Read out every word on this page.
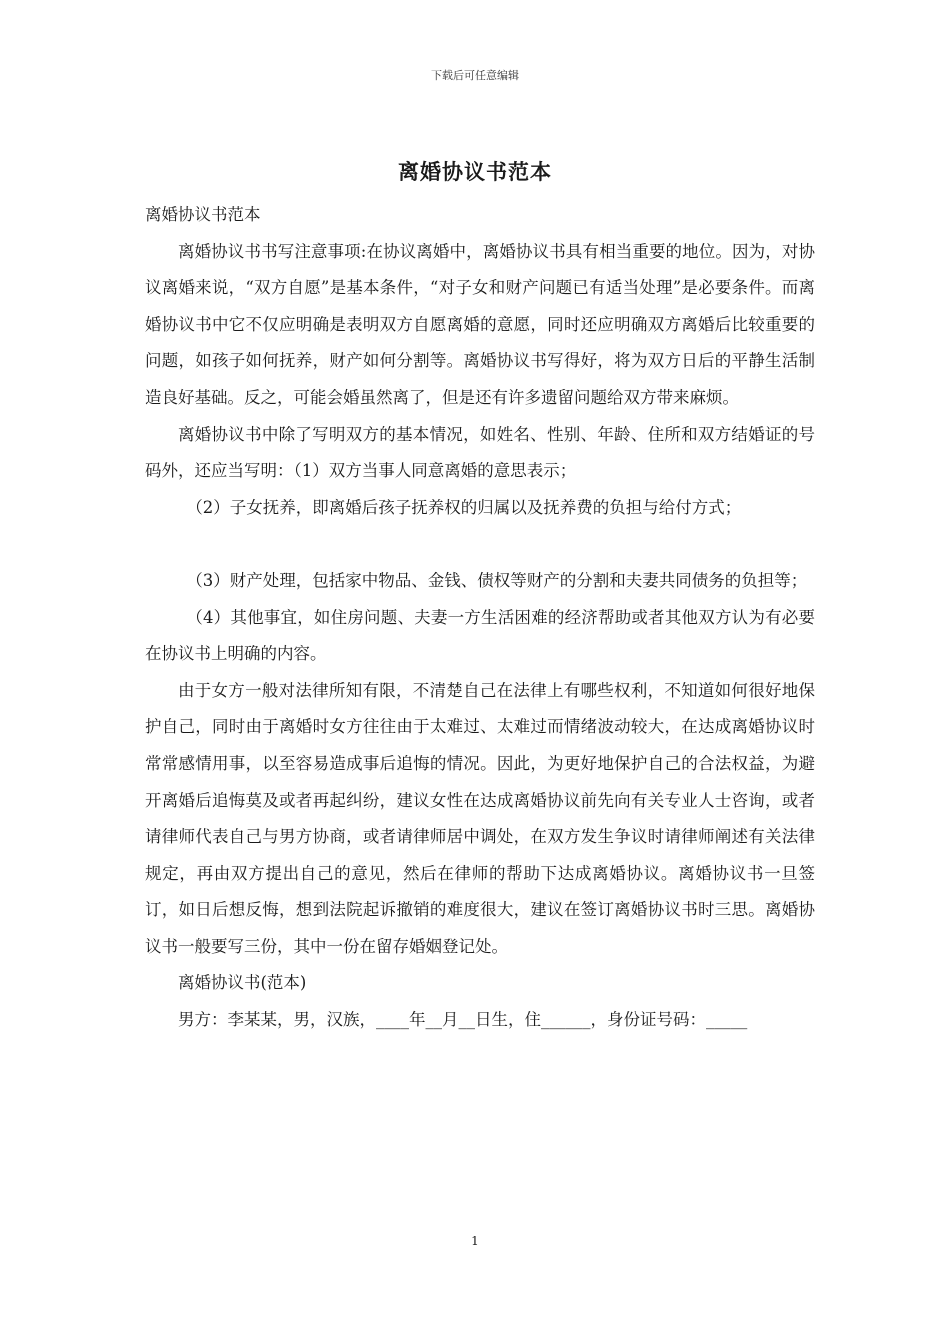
下载后可任意编辑
离婚协议书范本

离婚协议书范本

离婚协议书书写注意事项:在协议离婚中，离婚协议书具有相当重要的地位。因为，对协议离婚来说，“双方自愿”是基本条件，“对子女和财产问题已有适当处理”是必要条件。而离婚协议书中它不仅应明确是表明双方自愿离婚的意愿，同时还应明确双方离婚后比较重要的问题，如孩子如何抚养，财产如何分割等。离婚协议书写得好，将为双方日后的平静生活制造良好基础。反之，可能会婚虽然离了，但是还有许多遗留问题给双方带来麻烦。

离婚协议书中除了写明双方的基本情况，如姓名、性别、年龄、住所和双方结婚证的号码外，还应当写明：（1）双方当事人同意离婚的意思表示；

（2）子女抚养，即离婚后孩子抚养权的归属以及抚养费的负担与给付方式；

（3）财产处理，包括家中物品、金钱、债权等财产的分割和夫妻共同债务的负担等；

（4）其他事宜，如住房问题、夫妻一方生活困难的经济帮助或者其他双方认为有必要在协议书上明确的内容。

由于女方一般对法律所知有限，不清楚自己在法律上有哪些权利，不知道如何很好地保护自己，同时由于离婚时女方往往由于太难过、太难过而情绪波动较大，在达成离婚协议时常常感情用事，以至容易造成事后追悔的情况。因此，为更好地保护自己的合法权益，为避开离婚后追悔莫及或者再起纠纷，建议女性在达成离婚协议前先向有关专业人士咨询，或者请律师代表自己与男方协商，或者请律师居中调处，在双方发生争议时请律师阐述有关法律规定，再由双方提出自己的意见，然后在律师的帮助下达成离婚协议。离婚协议书一旦签订，如日后想反悔，想到法院起诉撤销的难度很大，建议在签订离婚协议书时三思。离婚协议书一般要写三份，其中一份在留存婚姻登记处。

离婚协议书(范本)

男方：李某某，男，汉族，____年__月__日生，住______，身份证号码：_____

1
